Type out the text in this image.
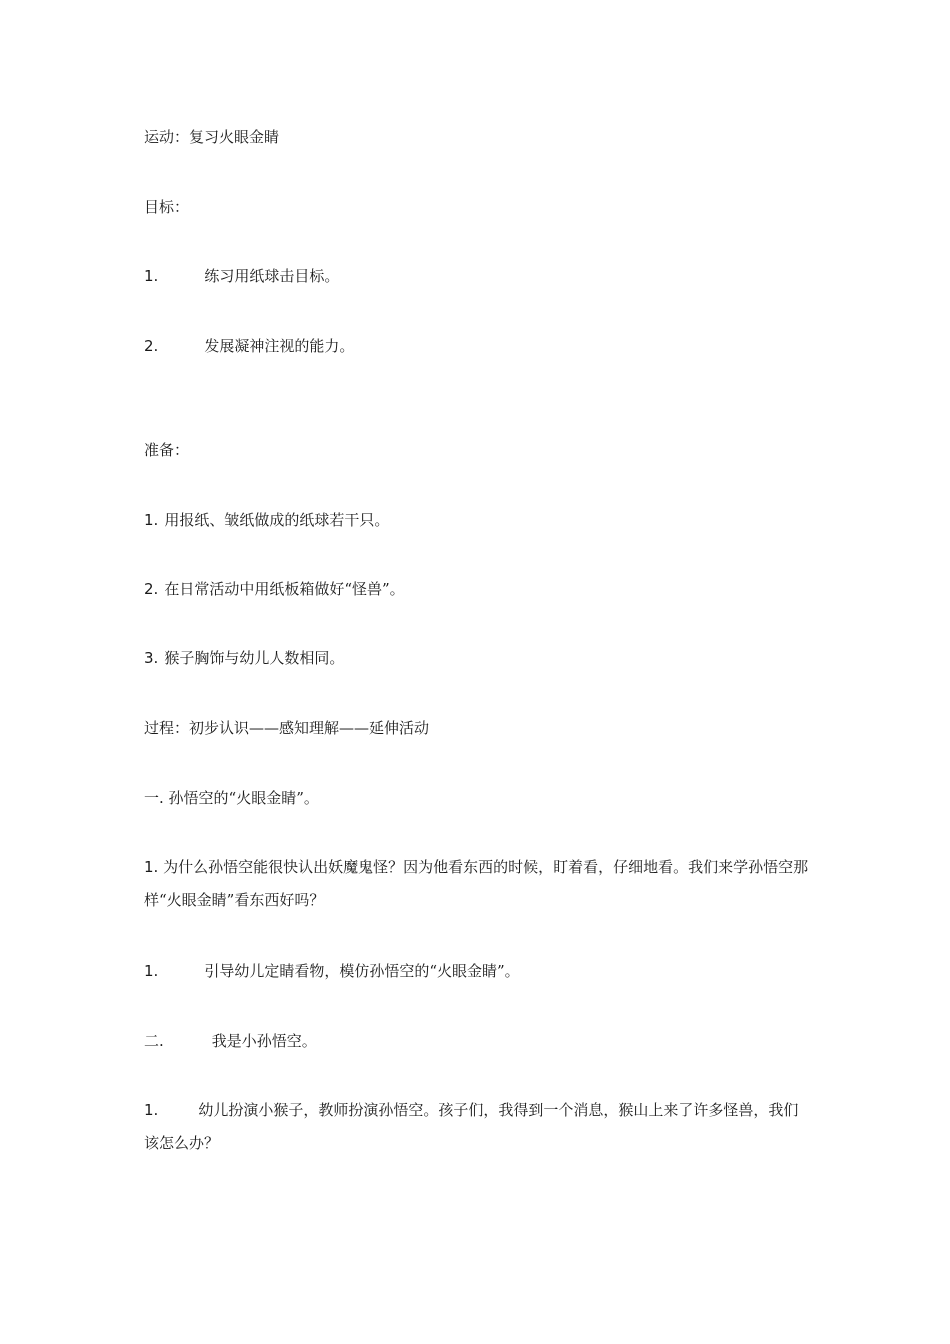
运动：复习火眼金睛
目标：
1.	练习用纸球击目标。
2.	发展凝神注视的能力。
准备：
1. 用报纸、皱纸做成的纸球若干只。
2. 在日常活动中用纸板箱做好“怪兽”。
3. 猴子胸饰与幼儿人数相同。
过程：初步认识——感知理解——延伸活动
一. 孙悟空的“火眼金睛”。
1. 为什么孙悟空能很快认出妖魔鬼怪？因为他看东西的时候，盯着看，仔细地看。我们来学孙悟空那样“火眼金睛”看东西好吗？
1.	引导幼儿定睛看物，模仿孙悟空的“火眼金睛”。
二.	我是小孙悟空。
1.	幼儿扮演小猴子，教师扮演孙悟空。孩子们，我得到一个消息，猴山上来了许多怪兽，我们该怎么办？
